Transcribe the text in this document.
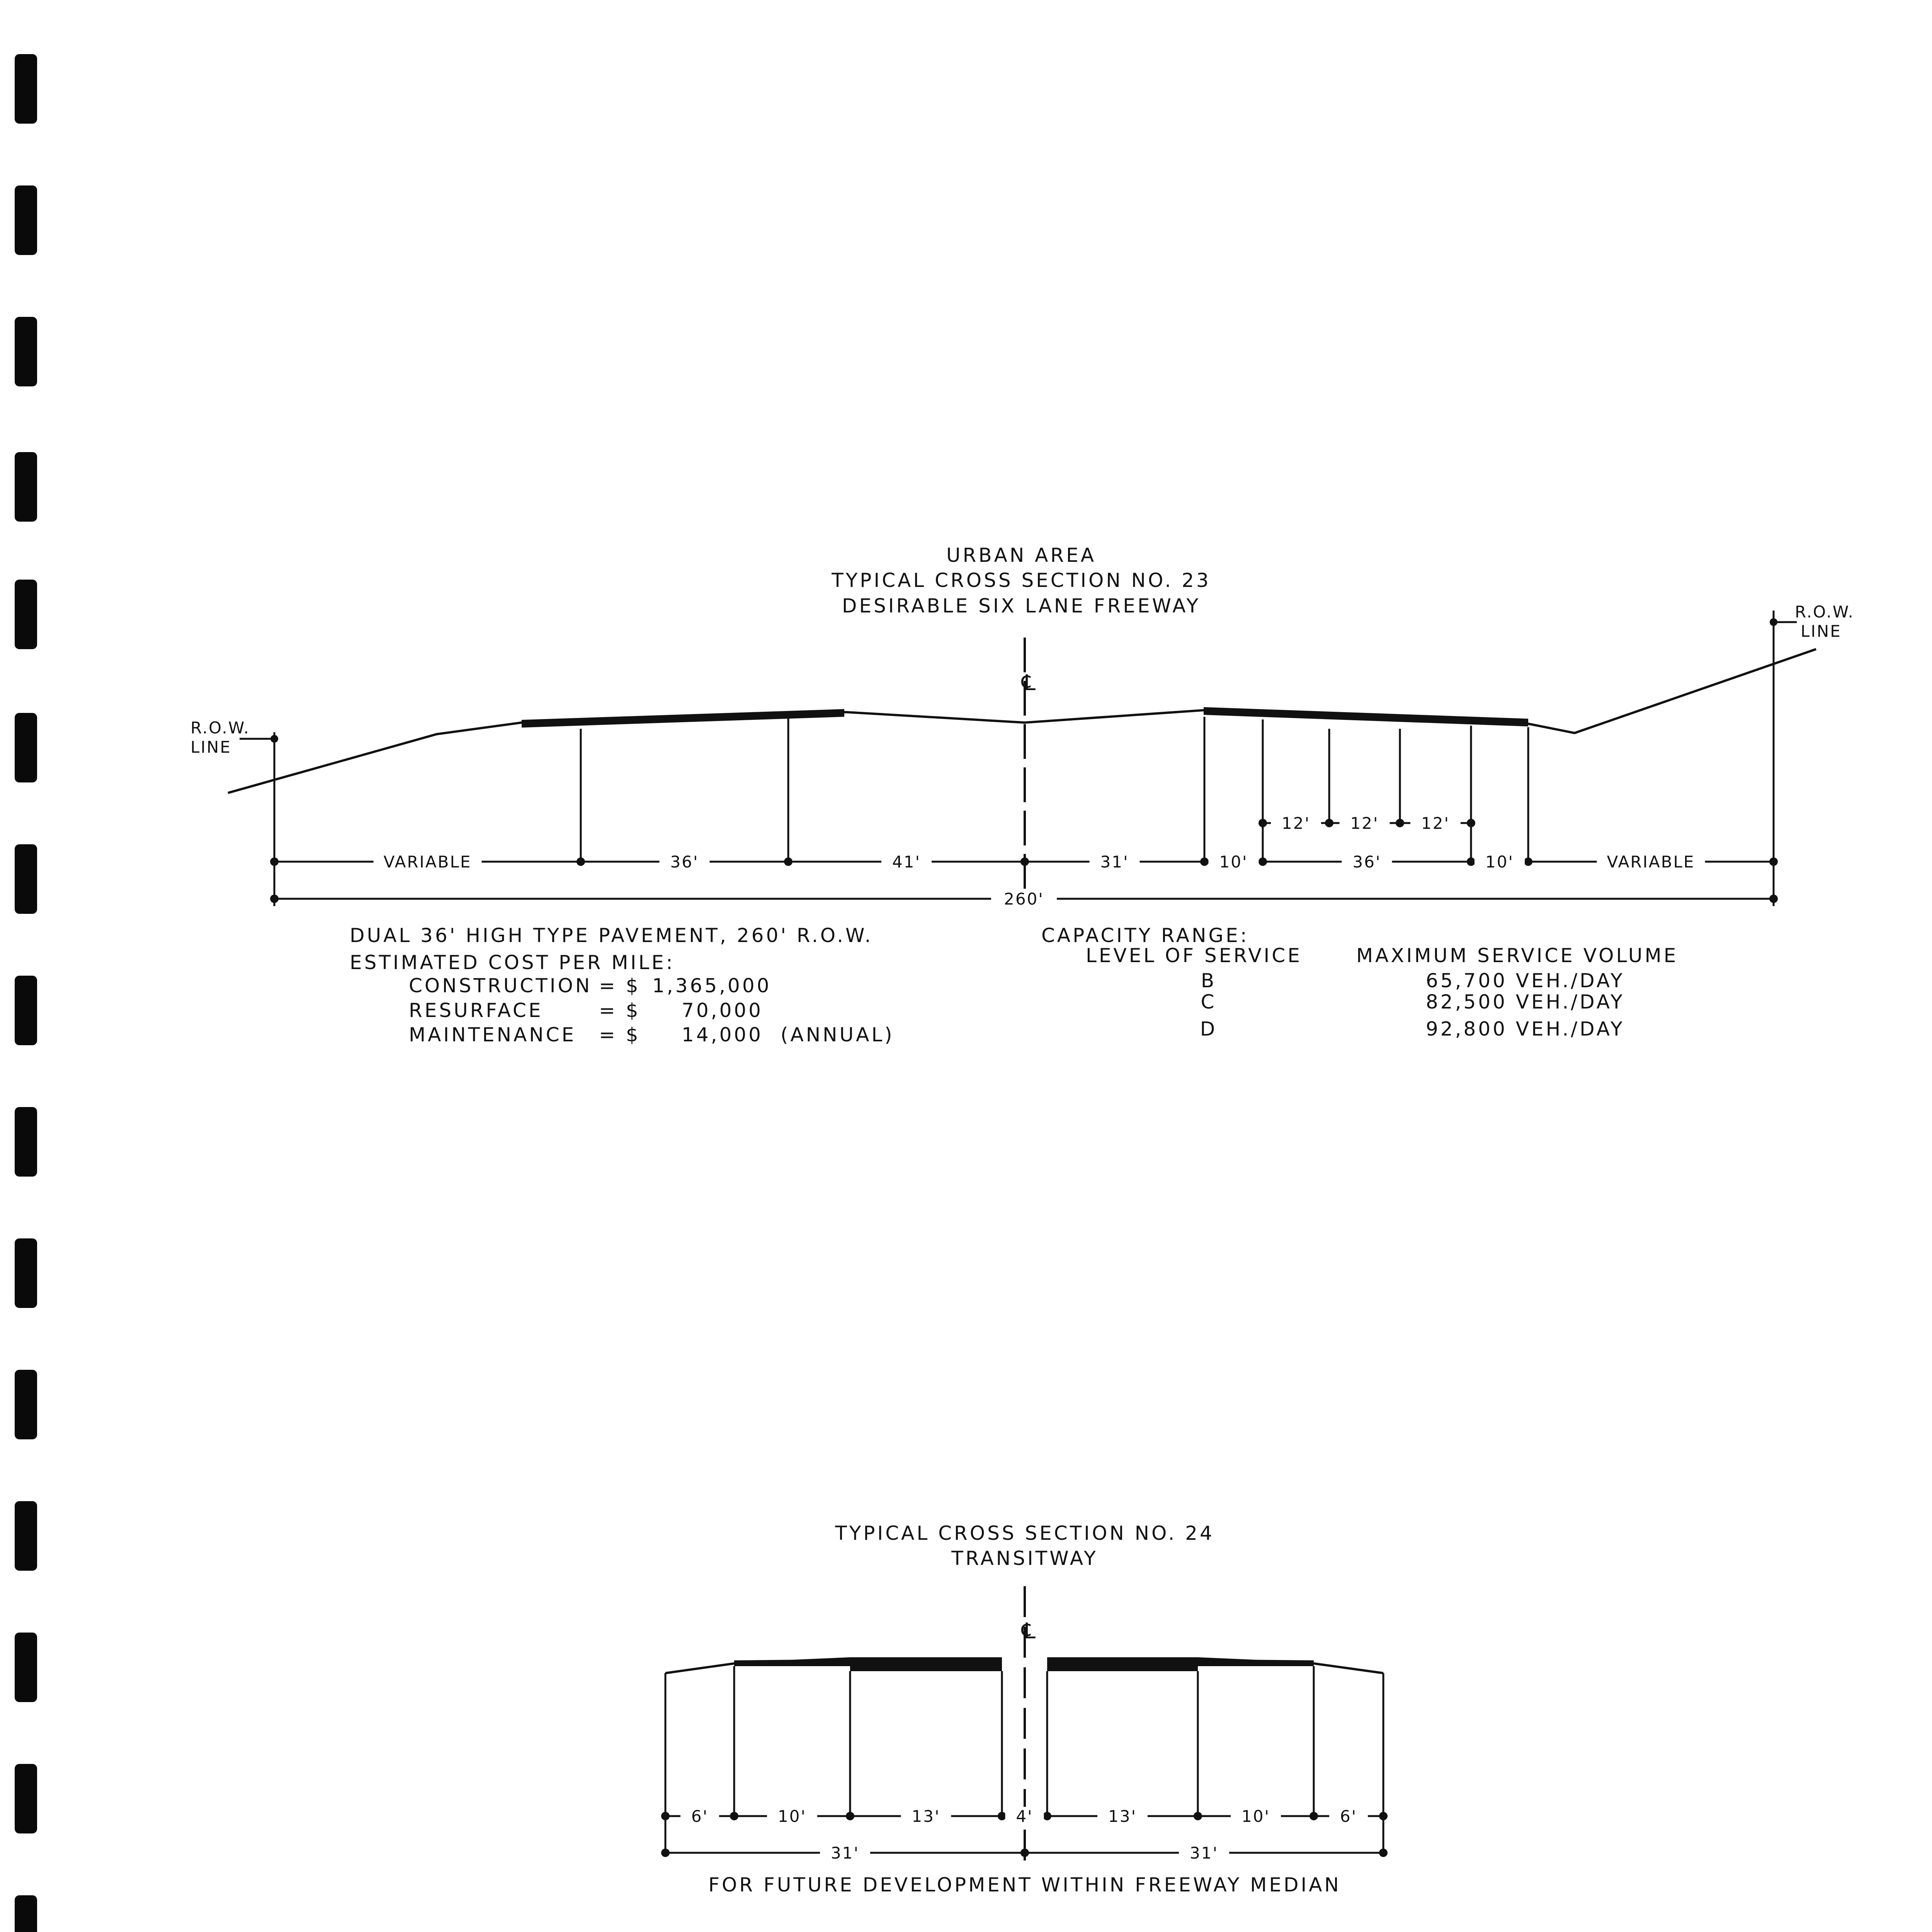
URBAN AREA
TYPICAL CROSS SECTION NO. 23
DESIRABLE SIX LANE FREEWAY
℄
R.O.W.
LINE
R.O.W.
LINE
VARIABLE	36'	41'	31'	10'	36'	10'	VARIABLE
12' 12'	12'
260'
DUAL 36' HIGH TYPE PAVEMENT, 260' R.O.W.
ESTIMATED COST PER MILE:
CONSTRUCTION = $ 1,365,000
RESURFACE	= $ 70,000
MAINTENANCE = $ 14,000 (ANNUAL)
CAPACITY RANGE:
LEVEL OF SERVICE	MAXIMUM SERVICE VOLUME
B	65,700 VEH./DAY
C	82,500 VEH./DAY
D	92,800 VEH./DAY
TYPICAL CROSS SECTION NO. 24
TRANSITWAY
℄
6'	10'	13'	4'	13'	10'	6'
31'	31'
FOR FUTURE DEVELOPMENT WITHIN FREEWAY MEDIAN
